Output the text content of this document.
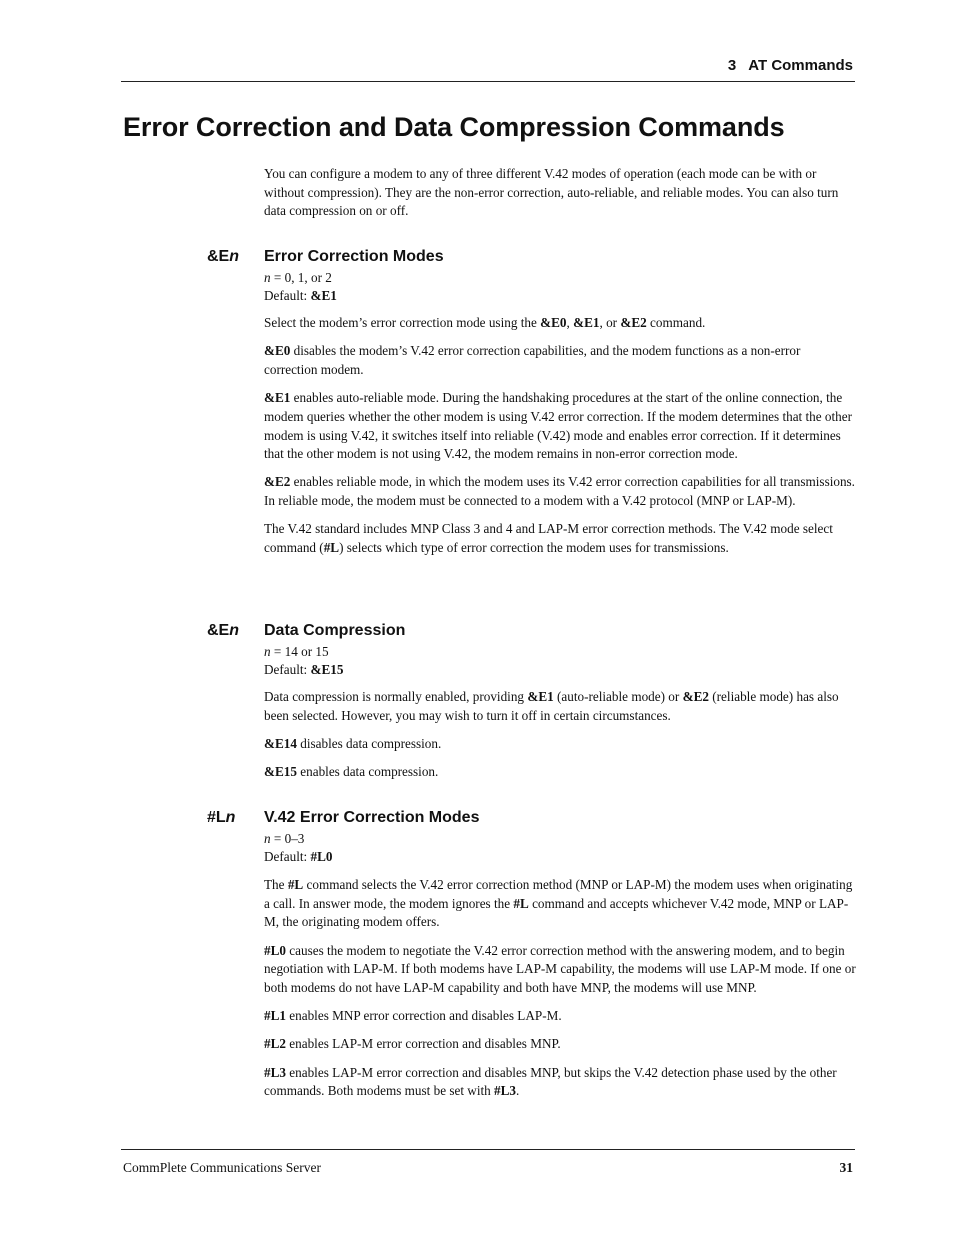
3 AT Commands
Error Correction and Data Compression Commands

You can configure a modem to any of three different V.42 modes of operation (each mode can be with or without compression). They are the non-error correction, auto-reliable, and reliable modes. You can also turn data compression on or off.

&En Error Correction Modes
n = 0, 1, or 2
Default: &E1

Select the modem’s error correction mode using the &E0, &E1, or &E2 command.

&E0 disables the modem’s V.42 error correction capabilities, and the modem functions as a non-error correction modem.

&E1 enables auto-reliable mode. During the handshaking procedures at the start of the online connection, the modem queries whether the other modem is using V.42 error correction. If the modem determines that the other modem is using V.42, it switches itself into reliable (V.42) mode and enables error correction. If it determines that the other modem is not using V.42, the modem remains in non-error correction mode.

&E2 enables reliable mode, in which the modem uses its V.42 error correction capabilities for all transmissions. In reliable mode, the modem must be connected to a modem with a V.42 protocol (MNP or LAP-M).

The V.42 standard includes MNP Class 3 and 4 and LAP-M error correction methods. The V.42 mode select command (#L) selects which type of error correction the modem uses for transmissions.

&En Data Compression
n = 14 or 15
Default: &E15

Data compression is normally enabled, providing &E1 (auto-reliable mode) or &E2 (reliable mode) has also been selected. However, you may wish to turn it off in certain circumstances.

&E14 disables data compression.

&E15 enables data compression.

#Ln V.42 Error Correction Modes
n = 0–3
Default: #L0

The #L command selects the V.42 error correction method (MNP or LAP-M) the modem uses when originating a call. In answer mode, the modem ignores the #L command and accepts whichever V.42 mode, MNP or LAP-M, the originating modem offers.

#L0 causes the modem to negotiate the V.42 error correction method with the answering modem, and to begin negotiation with LAP-M. If both modems have LAP-M capability, the modems will use LAP-M mode. If one or both modems do not have LAP-M capability and both have MNP, the modems will use MNP.

#L1 enables MNP error correction and disables LAP-M.

#L2 enables LAP-M error correction and disables MNP.

#L3 enables LAP-M error correction and disables MNP, but skips the V.42 detection phase used by the other commands. Both modems must be set with #L3.

CommPlete Communications Server	31
